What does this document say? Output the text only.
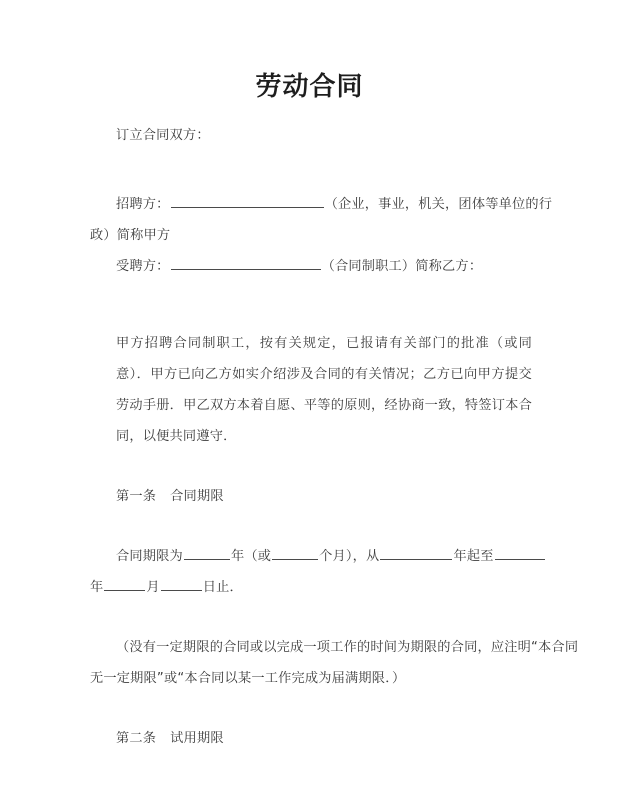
劳动合同
订立合同双方：
招聘方：	（企业，事业，机关，团体等单位的行
政）简称甲方
受聘方：	（合同制职工）简称乙方：
甲方招聘合同制职工，按有关规定，已报请有关部门的批准（或同意）．甲方已向乙方如实介绍涉及合同的有关情况；乙方已向甲方提交劳动手册．甲乙双方本着自愿、平等的原则，经协商一致，特签订本合同，以便共同遵守．
第一条 合同期限
合同期限为	年（或	个月），从	年起至
年	月	日止．
（没有一定期限的合同或以完成一项工作的时间为期限的合同，应注明“本合同
无一定期限”或“本合同以某一工作完成为届满期限．）
第二条 试用期限
